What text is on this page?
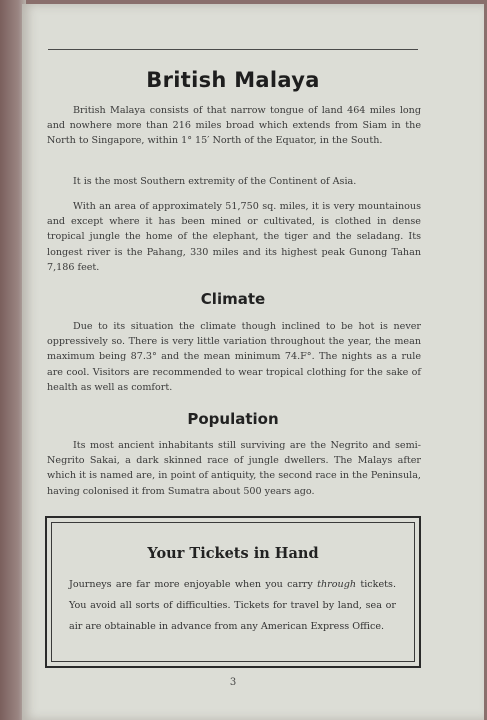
British Malaya
British Malaya consists of that narrow tongue of land 464 miles long and nowhere more than 216 miles broad which extends from Siam in the North to Singapore, within 1° 15′ North of the Equator, in the South.
It is the most Southern extremity of the Continent of Asia.
With an area of approximately 51,750 sq. miles, it is very mountainous and except where it has been mined or cultivated, is clothed in dense tropical jungle the home of the elephant, the tiger and the seladang. Its longest river is the Pahang, 330 miles and its highest peak Gunong Tahan 7,186 feet.
Climate
Due to its situation the climate though inclined to be hot is never oppressively so. There is very little variation throughout the year, the mean maximum being 87.3° and the mean minimum 74.F°. The nights as a rule are cool. Visitors are recommended to wear tropical clothing for the sake of health as well as comfort.
Population
Its most ancient inhabitants still surviving are the Negrito and semi-Negrito Sakai, a dark skinned race of jungle dwellers. The Malays after which it is named are, in point of antiquity, the second race in the Peninsula, having colonised it from Sumatra about 500 years ago.
Your Tickets in Hand
Journeys are far more enjoyable when you carry through tickets. You avoid all sorts of difficulties. Tickets for travel by land, sea or air are obtainable in advance from any American Express Office.
3
